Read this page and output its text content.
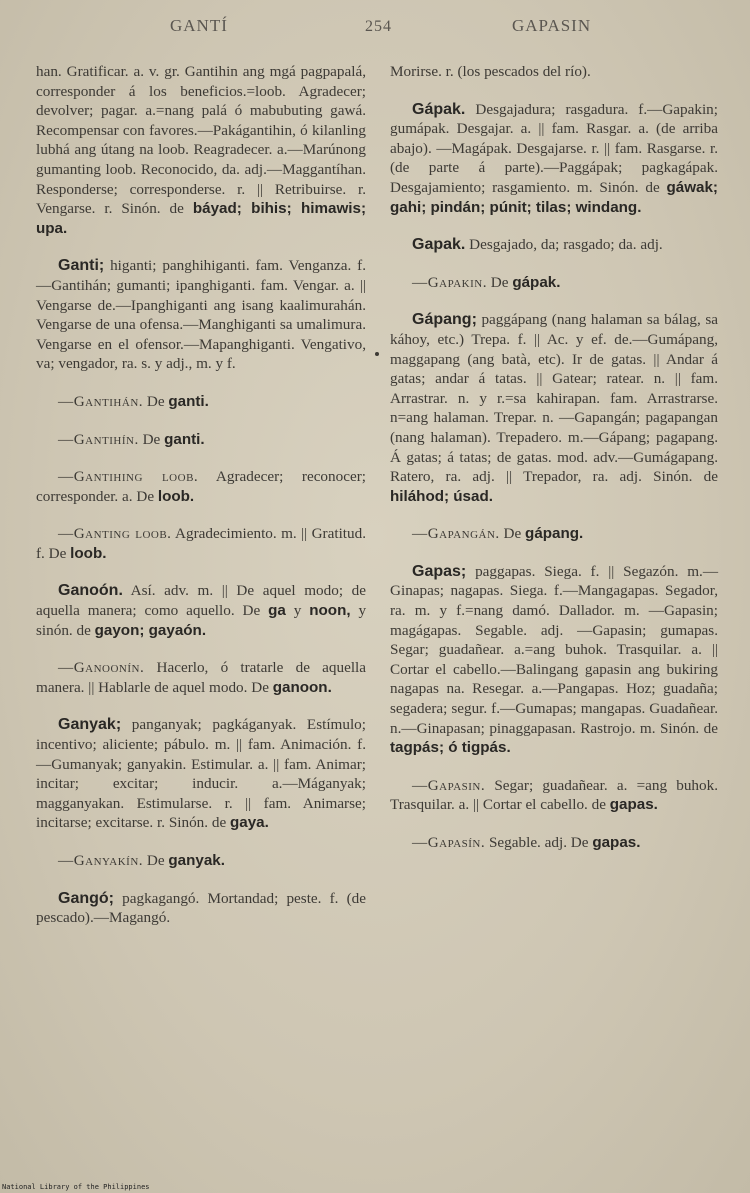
GANTÍ	254	GAPASIN

han. Gratificar. a. v. gr. Gantihin ang mgá pagpapalá, corresponder á los beneficios.=loob. Agradecer; devolver; pagar. a.=nang palá ó mabubuting gawá. Recompensar con favores.—Pakágantihin, ó kilanling lubhá ang útang na loob. Reagradecer. a.—Marúnong gumanting loob. Reconocido, da. adj.—Maggantíhan. Responderse; corresponderse. r. || Retribuirse. r. Vengarse. r. Sinón. de báyad; bihis; himawis; upa.

Ganti; higanti; panghihiganti. fam. Venganza. f.—Gantihán; gumanti; ipanghiganti. fam. Vengar. a. || Vengarse de.—Ipanghiganti ang isang kaalimurahán. Vengarse de una ofensa.—Manghiganti sa umalimura. Vengarse en el ofensor.—Mapanghiganti. Vengativo, va; vengador, ra. s. y adj., m. y f.

—Gantihán. De ganti.

—Gantihín. De ganti.

—Gantihing loob. Agradecer; reconocer; corresponder. a. De loob.

—Ganting loob. Agradecimiento. m. || Gratitud. f. De loob.

Ganoón. Así. adv. m. || De aquel modo; de aquella manera; como aquello. De ga y noon, y sinón. de gayon; gayaón.

—Ganoonín. Hacerlo, ó tratarle de aquella manera. || Hablarle de aquel modo. De ganoon.

Ganyak; panganyak; pagkáganyak. Estímulo; incentivo; aliciente; pábulo. m. || fam. Animación. f.—Gumanyak; ganyakin. Estimular. a. || fam. Animar; incitar; excitar; inducir. a.—Máganyak; magganyakan. Estimularse. r. || fam. Animarse; incitarse; excitarse. r. Sinón. de gaya.

—Ganyakín. De ganyak.

Gangó; pagkagangó. Mortandad; peste. f. (de pescado).—Magangó.

Morirse. r. (los pescados del río).

Gápak. Desgajadura; rasgadura. f.—Gapakin; gumápak. Desgajar. a. || fam. Rasgar. a. (de arriba abajo). —Magápak. Desgajarse. r. || fam. Rasgarse. r. (de parte á parte).—Paggápak; pagkagápak. Desgajamiento; rasgamiento. m. Sinón. de gáwak; gahi; pindán; púnit; tilas; windang.

Gapak. Desgajado, da; rasgado; da. adj.

—Gapakin. De gápak.

Gápang; paggápang (nang halaman sa bálag, sa káhoy, etc.) Trepa. f. || Ac. y ef. de.—Gumápang, maggapang (ang batà, etc). Ir de gatas. || Andar á gatas; andar á tatas. || Gatear; ratear. n. || fam. Arrastrar. n. y r.=sa kahirapan. fam. Arrastrarse. n=ang halaman. Trepar. n. —Gapangán; pagapangan (nang halaman). Trepadero. m.—Gápang; pagapang. Á gatas; á tatas; de gatas. mod. adv.—Gumágapang. Ratero, ra. adj. || Trepador, ra. adj. Sinón. de hiláhod; úsad.

—Gapangán. De gápang.

Gapas; paggapas. Siega. f. || Segazón. m.—Ginapas; nagapas. Siega. f.—Mangagapas. Segador, ra. m. y f.=nang damó. Dallador. m. —Gapasin; magágapas. Segable. adj. —Gapasin; gumapas. Segar; guadañear. a.=ang buhok. Trasquilar. a. || Cortar el cabello.—Balingang gapasin ang bukiring nagapas na. Resegar. a.—Pangapas. Hoz; guadaña; segadera; segur. f.—Gumapas; mangapas. Guadañear. n.—Ginapasan; pinaggapasan. Rastrojo. m. Sinón. de tagpás; ó tigpás.

—Gapasin. Segar; guadañear. a. =ang buhok. Trasquilar. a. || Cortar el cabello. de gapas.

—Gapasín. Segable. adj. De gapas.

National Library of the Philippines
